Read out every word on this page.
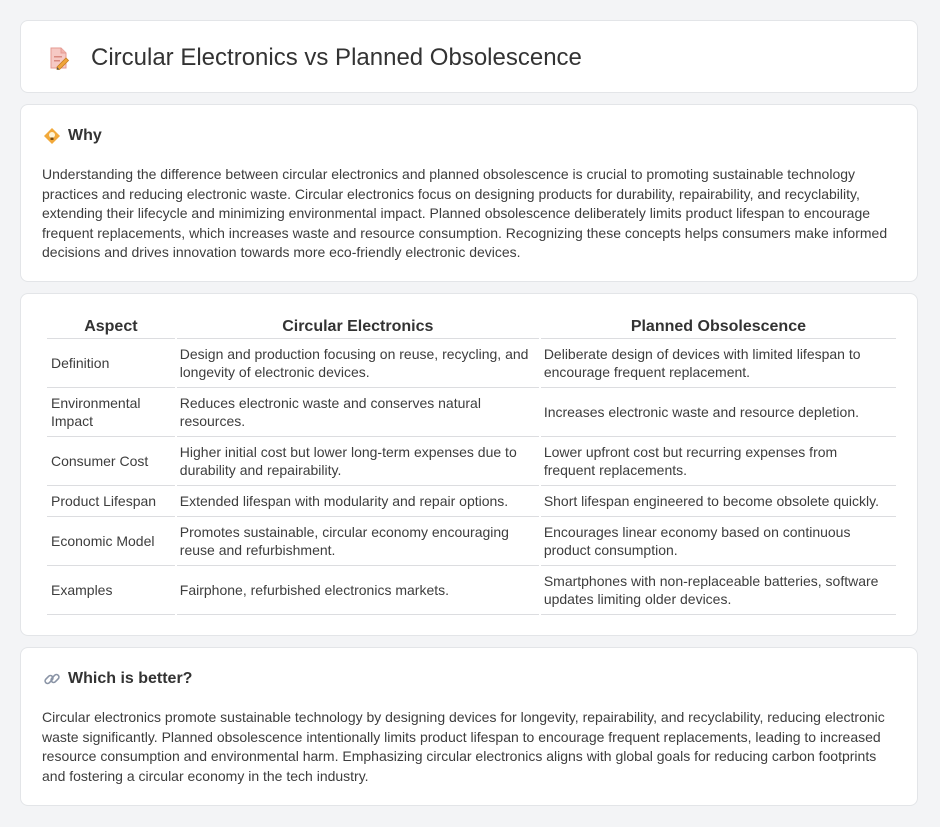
Circular Electronics vs Planned Obsolescence
Why

Understanding the difference between circular electronics and planned obsolescence is crucial to promoting sustainable technology practices and reducing electronic waste. Circular electronics focus on designing products for durability, repairability, and recyclability, extending their lifecycle and minimizing environmental impact. Planned obsolescence deliberately limits product lifespan to encourage frequent replacements, which increases waste and resource consumption. Recognizing these concepts helps consumers make informed decisions and drives innovation towards more eco-friendly electronic devices.

Aspect	Circular Electronics	Planned Obsolescence
Definition	Design and production focusing on reuse, recycling, and longevity of electronic devices.	Deliberate design of devices with limited lifespan to encourage frequent replacement.
Environmental Impact	Reduces electronic waste and conserves natural resources.	Increases electronic waste and resource depletion.
Consumer Cost	Higher initial cost but lower long-term expenses due to durability and repairability.	Lower upfront cost but recurring expenses from frequent replacements.
Product Lifespan	Extended lifespan with modularity and repair options.	Short lifespan engineered to become obsolete quickly.
Economic Model	Promotes sustainable, circular economy encouraging reuse and refurbishment.	Encourages linear economy based on continuous product consumption.
Examples	Fairphone, refurbished electronics markets.	Smartphones with non-replaceable batteries, software updates limiting older devices.
Which is better?

Circular electronics promote sustainable technology by designing devices for longevity, repairability, and recyclability, reducing electronic waste significantly. Planned obsolescence intentionally limits product lifespan to encourage frequent replacements, leading to increased resource consumption and environmental harm. Emphasizing circular electronics aligns with global goals for reducing carbon footprints and fostering a circular economy in the tech industry.
